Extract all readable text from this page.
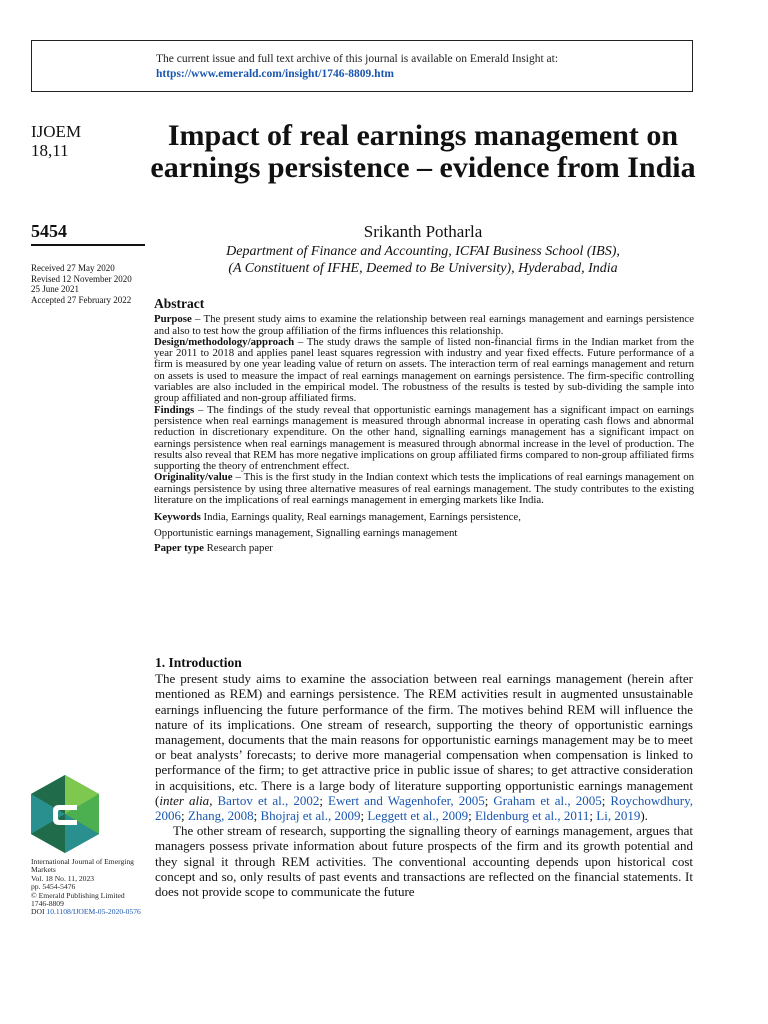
The current issue and full text archive of this journal is available on Emerald Insight at:
https://www.emerald.com/insight/1746-8809.htm
IJOEM
18,11
5454
Received 27 May 2020
Revised 12 November 2020
25 June 2021
Accepted 27 February 2022
Impact of real earnings management on earnings persistence – evidence from India
Srikanth Potharla
Department of Finance and Accounting, ICFAI Business School (IBS),
(A Constituent of IFHE, Deemed to Be University), Hyderabad, India
Abstract

Purpose – The present study aims to examine the relationship between real earnings management and earnings persistence and also to test how the group affiliation of the firms influences this relationship.

Design/methodology/approach – The study draws the sample of listed non-financial firms in the Indian market from the year 2011 to 2018 and applies panel least squares regression with industry and year fixed effects. Future performance of a firm is measured by one year leading value of return on assets. The interaction term of real earnings management and return on assets is used to measure the impact of real earnings management on earnings persistence. The firm-specific controlling variables are also included in the empirical model. The robustness of the results is tested by sub-dividing the sample into group affiliated and non-group affiliated firms.

Findings – The findings of the study reveal that opportunistic earnings management has a significant impact on earnings persistence when real earnings management is measured through abnormal increase in operating cash flows and abnormal reduction in discretionary expenditure. On the other hand, signalling earnings management has a significant impact on earnings persistence when real earnings management is measured through abnormal increase in the level of production. The results also reveal that REM has more negative implications on group affiliated firms compared to non-group affiliated firms supporting the theory of entrenchment effect.

Originality/value – This is the first study in the Indian context which tests the implications of real earnings management on earnings persistence by using three alternative measures of real earnings management. The study contributes to the existing literature on the implications of real earnings management in emerging markets like India.

Keywords India, Earnings quality, Real earnings management, Earnings persistence,
Opportunistic earnings management, Signalling earnings management
Paper type Research paper

1. Introduction

The present study aims to examine the association between real earnings management (herein after mentioned as REM) and earnings persistence. The REM activities result in augmented unsustainable earnings influencing the future performance of the firm. The motives behind REM will influence the nature of its implications. One stream of research, supporting the theory of opportunistic earnings management, documents that the main reasons for opportunistic earnings management may be to meet or beat analysts’ forecasts; to derive more managerial compensation when compensation is linked to performance of the firm; to get attractive price in public issue of shares; to get attractive consideration in acquisitions, etc. There is a large body of literature supporting opportunistic earnings management (inter alia, Bartov et al., 2002; Ewert and Wagenhofer, 2005; Graham et al., 2005; Roychowdhury, 2006; Zhang, 2008; Bhojraj et al., 2009; Leggett et al., 2009; Eldenburg et al., 2011; Li, 2019).

The other stream of research, supporting the signalling theory of earnings management, argues that managers possess private information about future prospects of the firm and its growth potential and they signal it through REM activities. The conventional accounting depends upon historical cost concept and so, only results of past events and transactions are reflected on the financial statements. It does not provide scope to communicate the future

International Journal of Emerging
Markets
Vol. 18 No. 11, 2023
pp. 5454-5476
© Emerald Publishing Limited
1746-8809
DOI 10.1108/IJOEM-05-2020-0576
